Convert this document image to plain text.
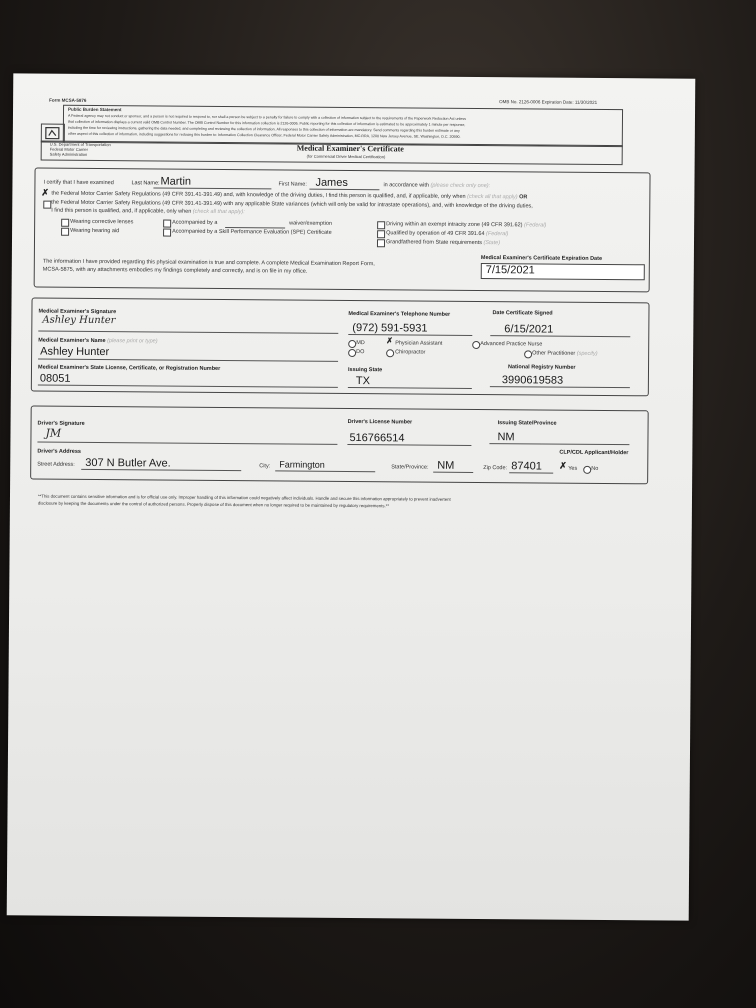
Form MCSA-5876	OMB No. 2126-0006 Expiration Date: 11/30/2021
Public Burden Statement
A Federal agency may not conduct or sponsor, and a person is not required to respond to, nor shall a person be subject to a penalty for failure to comply with a collection of information subject to the requirements of the Paperwork Reduction Act unless
that collection of information displays a current valid OMB Control Number. The OMB Control Number for this information collection is 2126-0006. Public reporting for this collection of information is estimated to be approximately 1 minute per response,
including the time for reviewing instructions, gathering the data needed, and completing and reviewing the collection of information. All responses to this collection of information are mandatory. Send comments regarding this burden estimate or any
other aspect of this collection of information, including suggestions for reducing this burden to: Information Collection Clearance Officer, Federal Motor Carrier Safety Administration, MC-RRA, 1200 New Jersey Avenue, SE, Washington, D.C. 20590.
U.S. Department of Transportation
Federal Motor Carrier
Safety Administration
Medical Examiner's Certificate
(for Commercial Driver Medical Certification)
I certify that I have examined	Last Name: Martin	First Name: James	in accordance with (please check only one):
✗ the Federal Motor Carrier Safety Regulations (49 CFR 391.41-391.49) and, with knowledge of the driving duties, I find this person is qualified, and, if applicable, only when (check all that apply) OR
the Federal Motor Carrier Safety Regulations (49 CFR 391.41-391.49) with any applicable State variances (which will only be valid for intrastate operations), and, with knowledge of the driving duties,
I find this person is qualified, and, if applicable, only when (check all that apply):
Wearing corrective lenses
Wearing hearing aid
Accompanied by a	waiver/exemption
Accompanied by a Skill Performance Evaluation (SPE) Certificate
Driving within an exempt intracity zone (49 CFR 391.62) (Federal)
Qualified by operation of 49 CFR 391.64 (Federal)
Grandfathered from State requirements (State)
The information I have provided regarding this physical examination is true and complete. A complete Medical Examination Report Form,
MCSA-5875, with any attachments embodies my findings completely and correctly, and is on file in my office.
Medical Examiner's Certificate Expiration Date
7/15/2021
Medical Examiner's Signature
Ashley Hunter
Medical Examiner's Telephone Number
(972) 591-5931
Date Certificate Signed
6/15/2021
Medical Examiner's Name (please print or type)
Ashley Hunter
MD	✗ Physician Assistant	Advanced Practice Nurse
DO	Chiropractor	Other Practitioner (specify)
Medical Examiner's State License, Certificate, or Registration Number
08051
Issuing State
TX
National Registry Number
3990619583
Driver's Signature
JM
Driver's License Number
516766514
Issuing State/Province
NM
CLP/CDL Applicant/Holder
Driver's Address
Street Address: 307 N Butler Ave.	City: Farmington	State/Province: NM	Zip Code: 87401 ✗ Yes	No
**This document contains sensitive information and is for official use only. Improper handling of this information could negatively affect individuals. Handle and secure this information appropriately to prevent inadvertent
disclosure by keeping the documents under the control of authorized persons. Properly dispose of this document when no longer required to be maintained by regulatory requirements.**
